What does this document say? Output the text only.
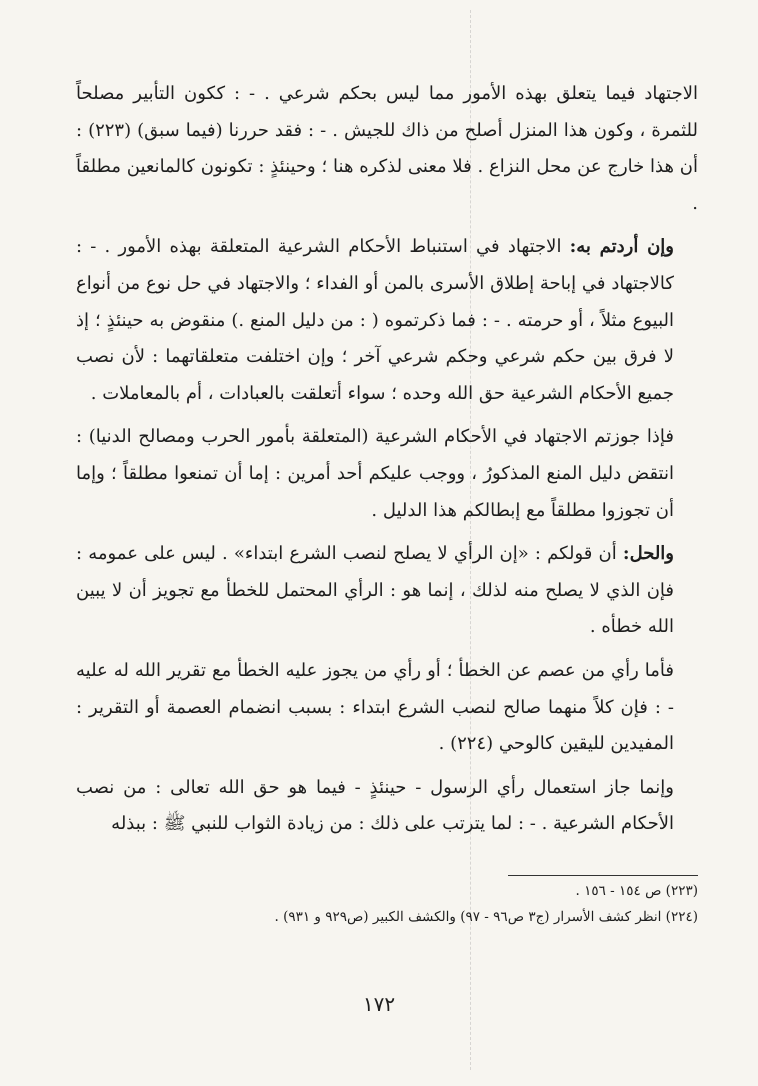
الاجتهاد فيما يتعلق بهذه الأمور مما ليس بحكم شرعي . - : ككون التأبير مصلحاً للثمرة ، وكون هذا المنزل أصلح من ذاك للجيش . - : فقد حررنا (فيما سبق) (٢٢٣) : أن هذا خارج عن محل النزاع . فلا معنى لذكره هنا ؛ وحينئذٍ : تكونون كالمانعين مطلقاً .

وإن أردتم به: الاجتهاد في استنباط الأحكام الشرعية المتعلقة بهذه الأمور . - : كالاجتهاد في إباحة إطلاق الأسرى بالمن أو الفداء ؛ والاجتهاد في حل نوع من أنواع البيوع مثلاً ، أو حرمته . - : فما ذكرتموه ( : من دليل المنع .) منقوض به حينئذٍ ؛ إذ لا فرق بين حكم شرعي وحكم شرعي آخر ؛ وإن اختلفت متعلقاتهما : لأن نصب جميع الأحكام الشرعية حق الله وحده ؛ سواء أتعلقت بالعبادات ، أم بالمعاملات .

فإذا جوزتم الاجتهاد في الأحكام الشرعية (المتعلقة بأمور الحرب ومصالح الدنيا) : انتقض دليل المنع المذكورُ ، ووجب عليكم أحد أمرين : إما أن تمنعوا مطلقاً ؛ وإما أن تجوزوا مطلقاً مع إبطالكم هذا الدليل .

والحل: أن قولكم : «إن الرأي لا يصلح لنصب الشرع ابتداء» . ليس على عمومه : فإن الذي لا يصلح منه لذلك ، إنما هو : الرأي المحتمل للخطأ مع تجويز أن لا يبين الله خطأه .

فأما رأي من عصم عن الخطأ ؛ أو رأي من يجوز عليه الخطأ مع تقرير الله له عليه - : فإن كلاً منهما صالح لنصب الشرع ابتداء : بسبب انضمام العصمة أو التقرير : المفيدين لليقين كالوحي (٢٢٤) .

وإنما جاز استعمال رأي الرسول - حينئذٍ - فيما هو حق الله تعالى : من نصب الأحكام الشرعية . - : لما يترتب على ذلك : من زيادة الثواب للنبي ﷺ : ببذله

(٢٢٣) ص ١٥٤ - ١٥٦ .
(٢٢٤) انظر كشف الأسرار (ج٣ ص٩٦ - ٩٧) والكشف الكبير (ص٩٢٩ و ٩٣١) .
١٧٢
